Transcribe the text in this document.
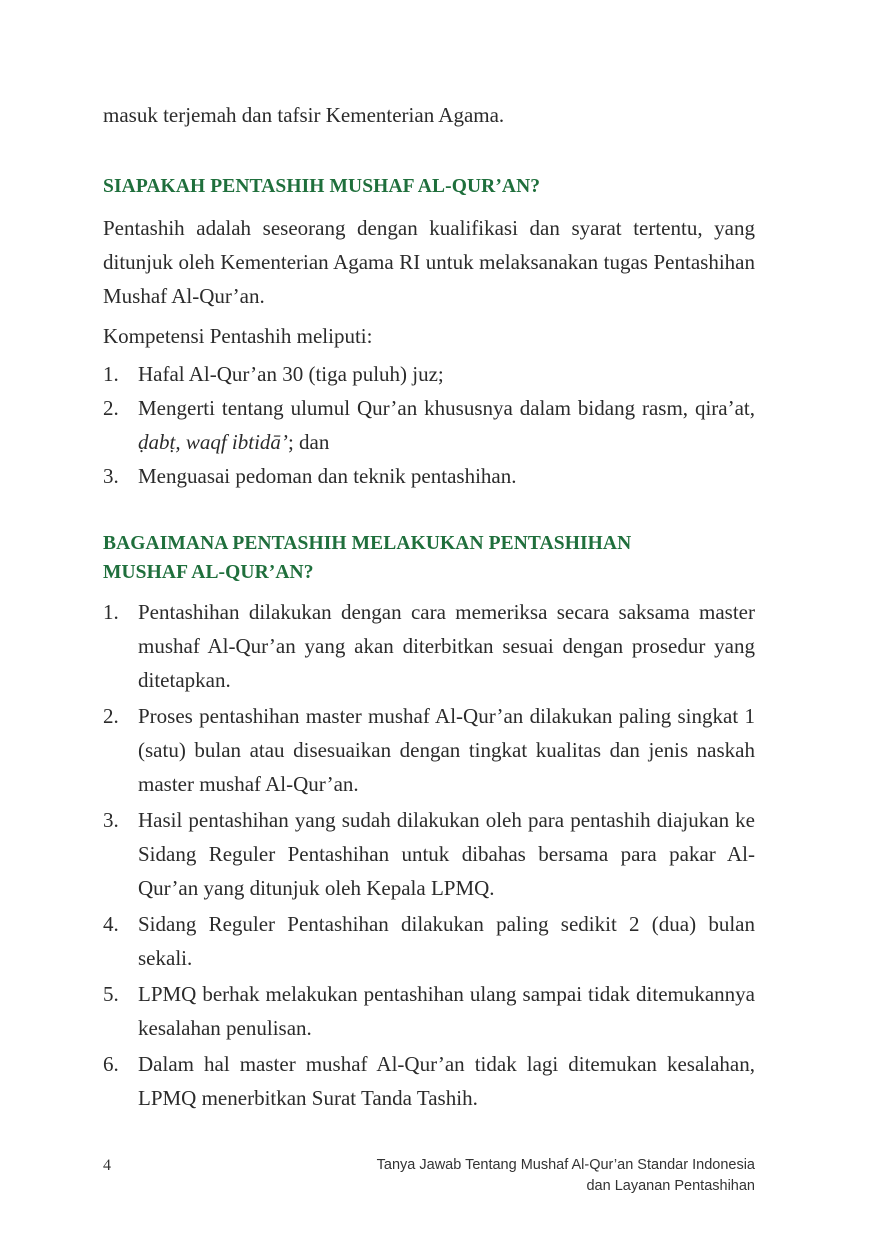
masuk terjemah dan tafsir Kementerian Agama.

SIAPAKAH PENTASHIH MUSHAF AL-QUR’AN?

Pentashih adalah seseorang dengan kualifikasi dan syarat tertentu, yang ditunjuk oleh Kementerian Agama RI untuk melaksanakan tugas Pentashihan Mushaf Al-Qur’an.

Kompetensi Pentashih meliputi:

1. Hafal Al-Qur’an 30 (tiga puluh) juz;
2. Mengerti tentang ulumul Qur’an khususnya dalam bidang rasm, qira’at, ḍabṭ, waqf ibtidā’; dan
3. Menguasai pedoman dan teknik pentashihan.
BAGAIMANA PENTASHIH MELAKUKAN PENTASHIHAN
MUSHAF AL-QUR’AN?
1. Pentashihan dilakukan dengan cara memeriksa secara saksama master mushaf Al-Qur’an yang akan diterbitkan sesuai dengan prosedur yang ditetapkan.
2. Proses pentashihan master mushaf Al-Qur’an dilakukan paling singkat 1 (satu) bulan atau disesuaikan dengan tingkat kualitas dan jenis naskah master mushaf Al-Qur’an.
3. Hasil pentashihan yang sudah dilakukan oleh para pentashih diajukan ke Sidang Reguler Pentashihan untuk dibahas bersama para pakar Al-Qur’an yang ditunjuk oleh Kepala LPMQ.
4. Sidang Reguler Pentashihan dilakukan paling sedikit 2 (dua) bulan sekali.
5. LPMQ berhak melakukan pentashihan ulang sampai tidak ditemukannya kesalahan penulisan.
6. Dalam hal master mushaf Al-Qur’an tidak lagi ditemukan kesalahan, LPMQ menerbitkan Surat Tanda Tashih.
4	Tanya Jawab Tentang Mushaf Al-Qur’an Standar Indonesia
dan Layanan Pentashihan
